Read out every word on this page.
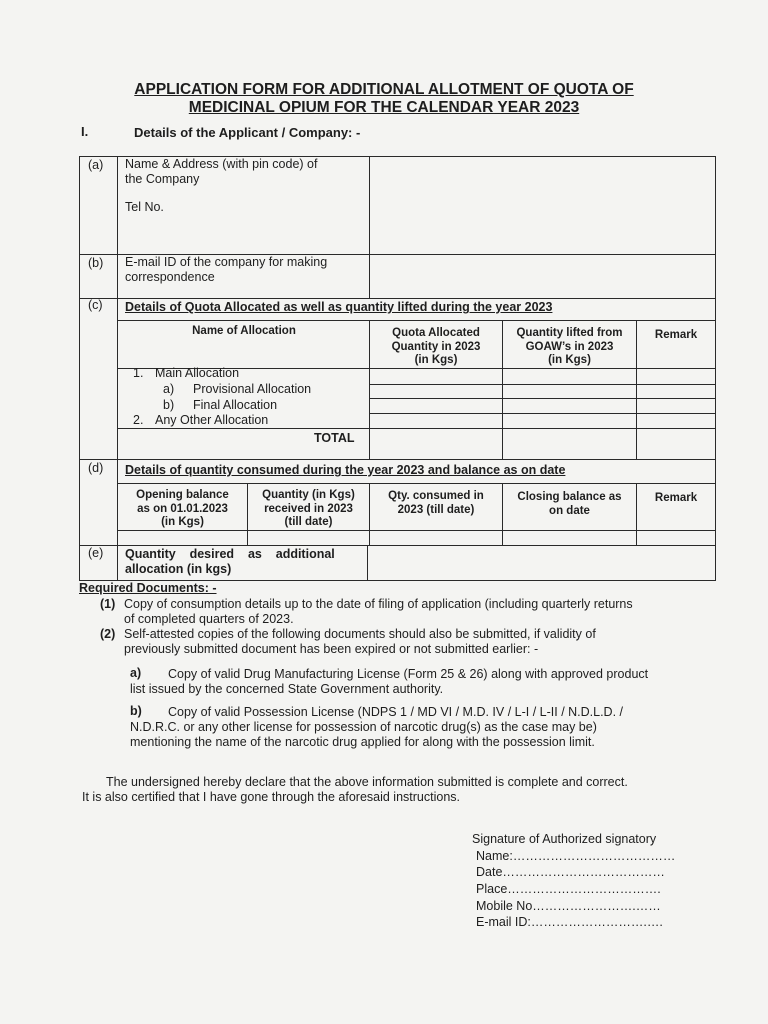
APPLICATION FORM FOR ADDITIONAL ALLOTMENT OF QUOTA OF
MEDICINAL OPIUM FOR THE CALENDAR YEAR 2023
I.	Details of the Applicant / Company: -
(a) Name & Address (with pin code) of
the Company
Tel No.
(b) E-mail ID of the company for making
correspondence
(c) Details of Quota Allocated as well as quantity lifted during the year 2023
Name of Allocation	Quota Allocated
Quantity in 2023
(in Kgs)
Quantity lifted from
GOAW’s in 2023
(in Kgs)
Remark
1. Main Allocation
a) Provisional Allocation
b) Final Allocation
2. Any Other Allocation
TOTAL
(d) Details of quantity consumed during the year 2023 and balance as on date
Opening balance
as on 01.01.2023
(in Kgs)
Quantity (in Kgs)
received in 2023
(till date)
Qty. consumed in
2023 (till date)
Closing balance as
on date
Remark
(e) Quantity    desired    as    additional
allocation (in kgs)
Required Documents: -
(1) Copy of consumption details up to the date of filing of application (including quarterly returns
of completed quarters of 2023.
(2) Self-attested copies of the following documents should also be submitted, if validity of
previously submitted document has been expired or not submitted earlier: -
a) Copy of valid Drug Manufacturing License (Form 25 & 26) along with approved product
list issued by the concerned State Government authority.
b) Copy of valid Possession License (NDPS 1 / MD VI / M.D. IV / L-I / L-II / N.D.L.D. /
N.D.R.C. or any other license for possession of narcotic drug(s) as the case may be)
mentioning the name of the narcotic drug applied for along with the possession limit.
The undersigned hereby declare that the above information submitted is complete and correct.
It is also certified that I have gone through the aforesaid instructions.
Signature of Authorized signatory
Name:…………………………………
Date…………………………………
Place……………………………….
Mobile No…………………….……
E-mail ID:……………………….….
